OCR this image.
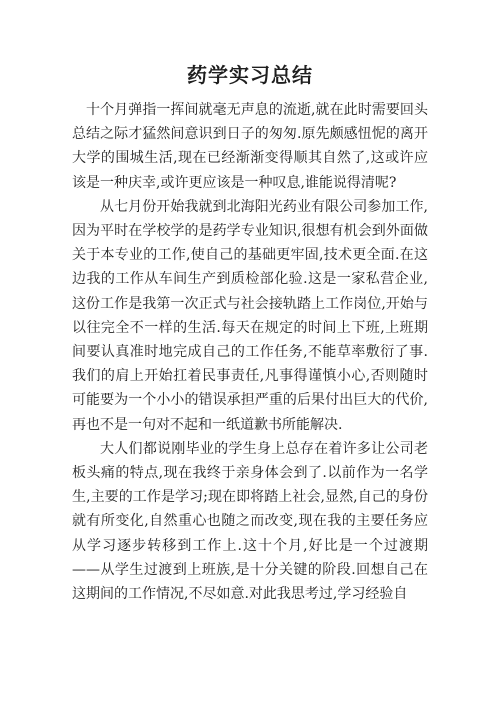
药学实习总结

十个月弹指一挥间就毫无声息的流逝,就在此时需要回头总结之际才猛然间意识到日子的匆匆.原先颇感忸怩的离开大学的围城生活,现在已经渐渐变得顺其自然了,这或许应该是一种庆幸,或许更应该是一种叹息,谁能说得清呢?

从七月份开始我就到北海阳光药业有限公司参加工作,因为平时在学校学的是药学专业知识,很想有机会到外面做关于本专业的工作,使自己的基础更牢固,技术更全面.在这边我的工作从车间生产到质检部化验.这是一家私营企业,这份工作是我第一次正式与社会接轨踏上工作岗位,开始与以往完全不一样的生活.每天在规定的时间上下班,上班期间要认真准时地完成自己的工作任务,不能草率敷衍了事.我们的肩上开始扛着民事责任,凡事得谨慎小心,否则随时可能要为一个小小的错误承担严重的后果付出巨大的代价,再也不是一句对不起和一纸道歉书所能解决.

大人们都说刚毕业的学生身上总存在着许多让公司老板头痛的特点,现在我终于亲身体会到了.以前作为一名学生,主要的工作是学习;现在即将踏上社会,显然,自己的身份就有所变化,自然重心也随之而改变,现在我的主要任务应从学习逐步转移到工作上.这十个月,好比是一个过渡期——从学生过渡到上班族,是十分关键的阶段.回想自己在这期间的工作情况,不尽如意.对此我思考过,学习经验自
